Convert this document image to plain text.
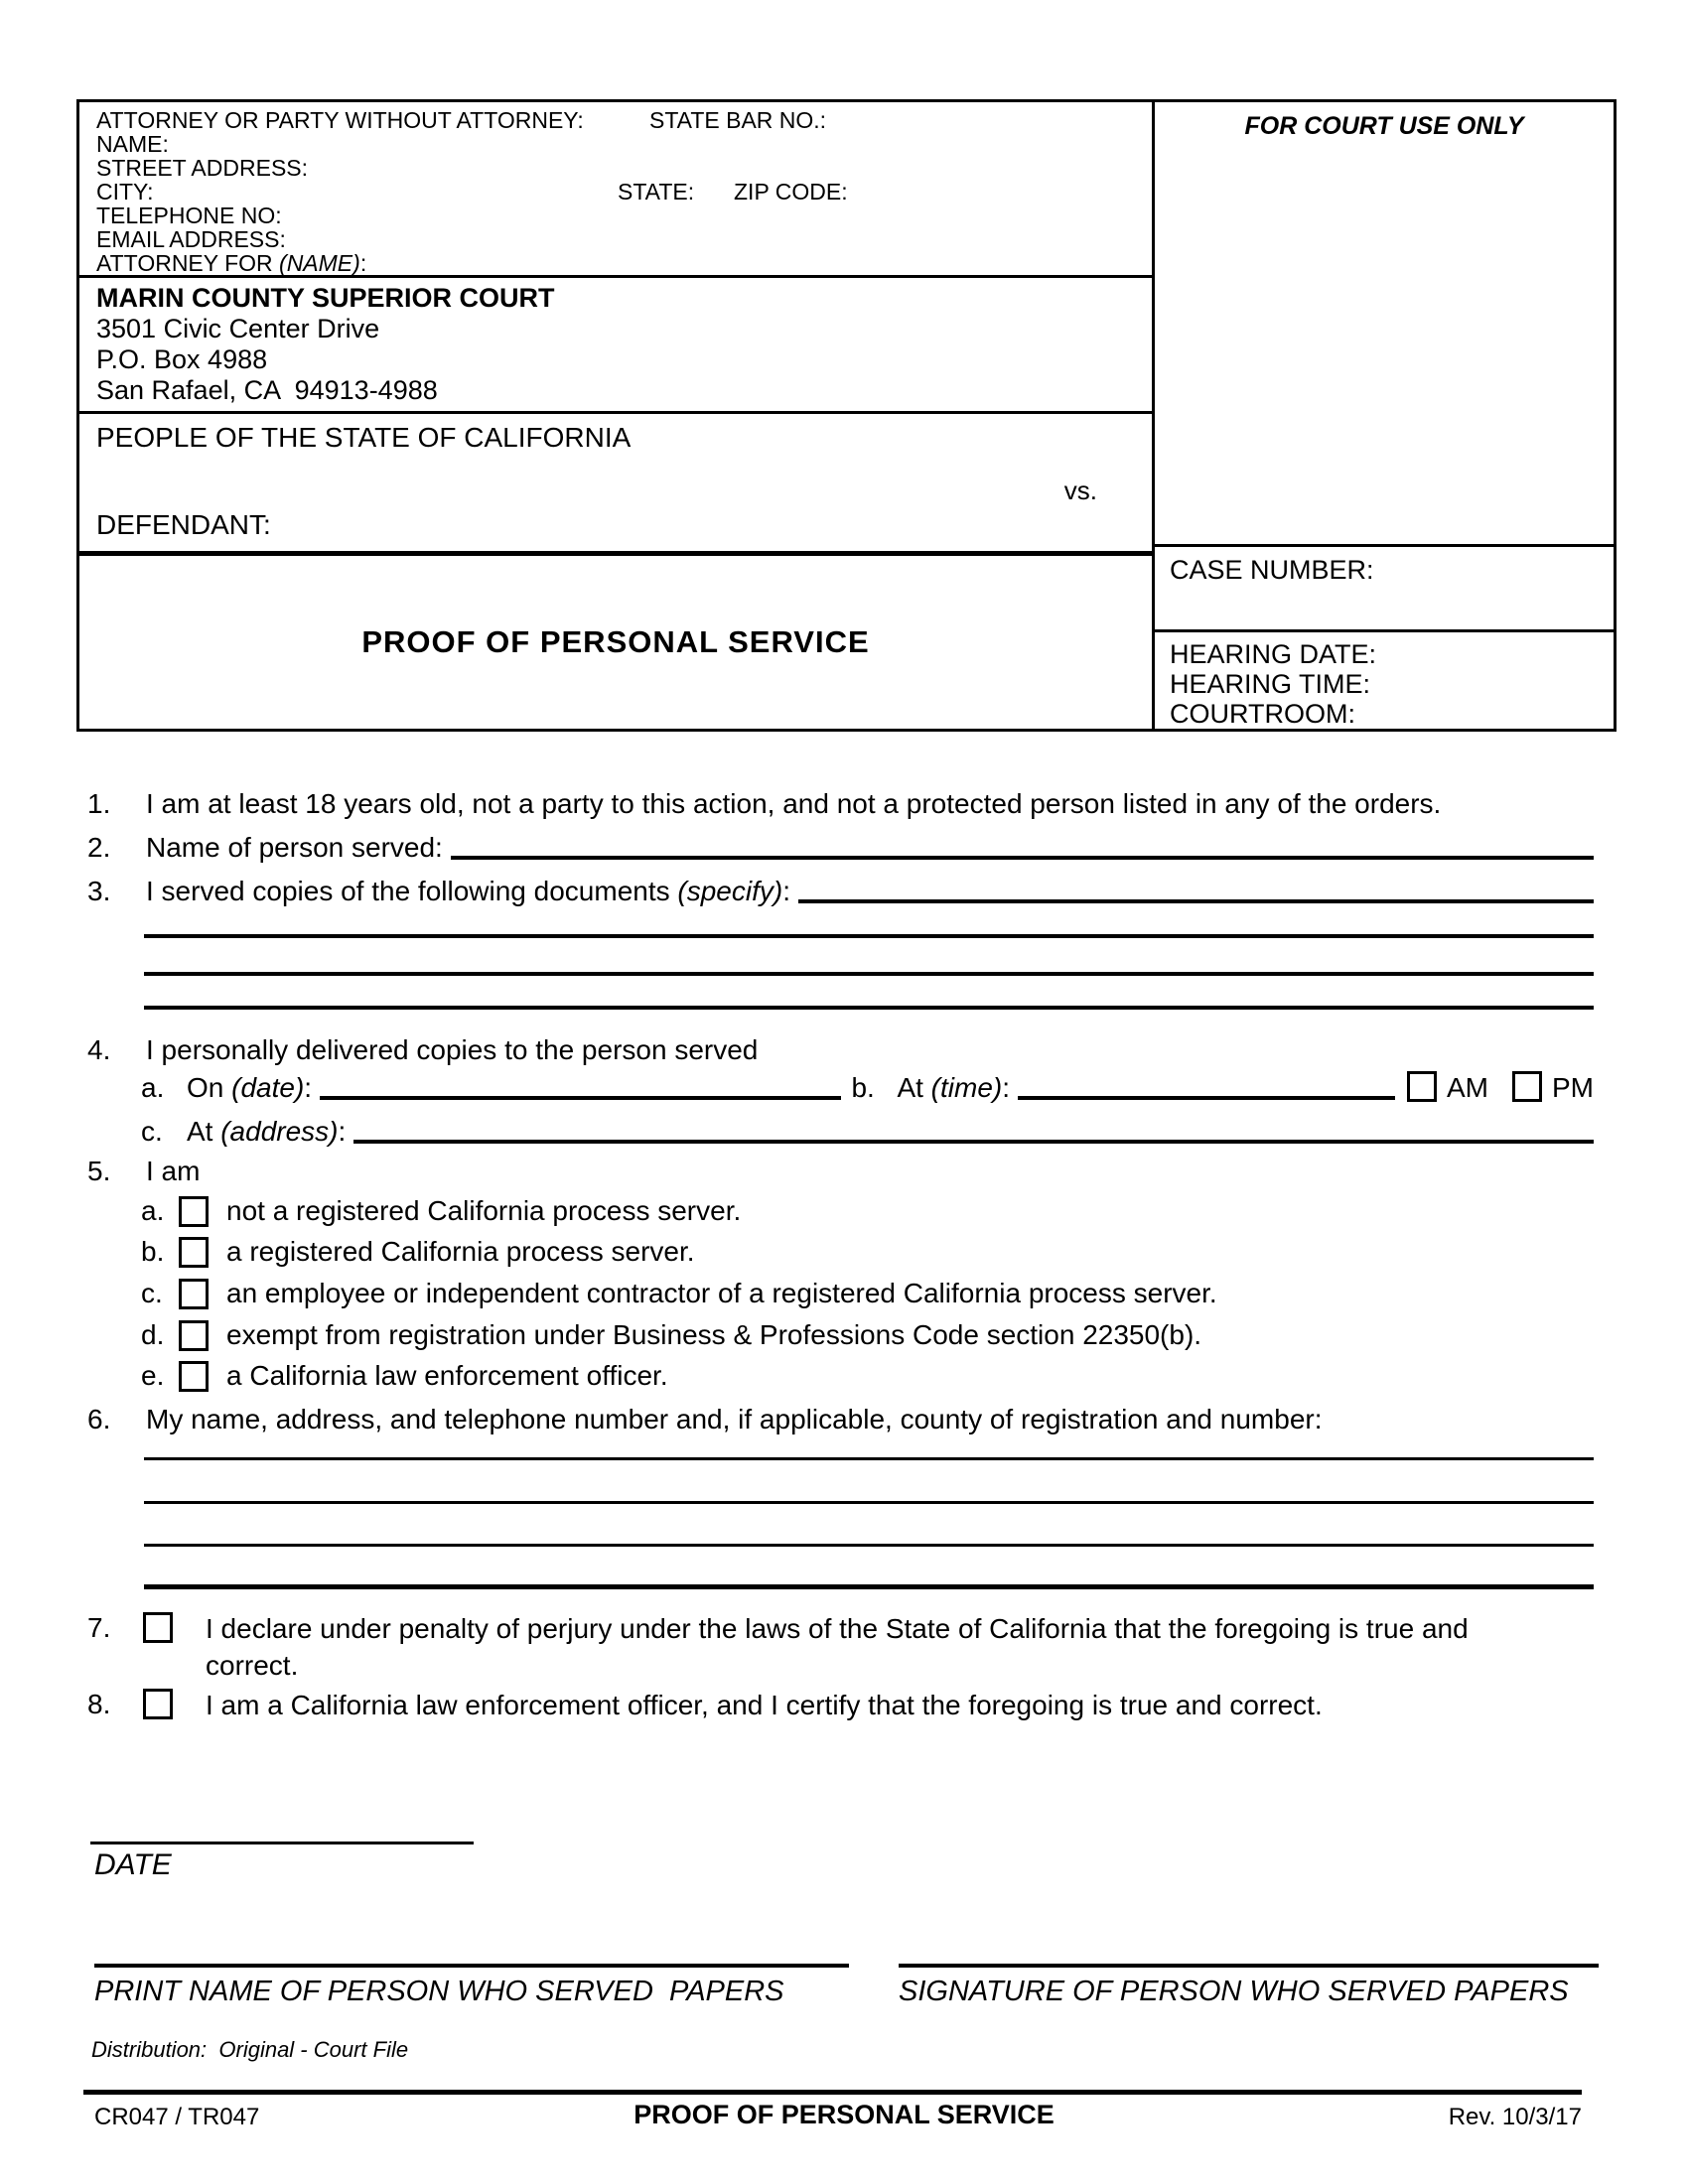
ATTORNEY OR PARTY WITHOUT ATTORNEY:	STATE BAR NO.:
NAME:
STREET ADDRESS:
CITY:	STATE: ZIP CODE:
TELEPHONE NO:
EMAIL ADDRESS:
ATTORNEY FOR (NAME):
MARIN COUNTY SUPERIOR COURT
3501 Civic Center Drive
P.O. Box 4988
San Rafael, CA  94913-4988
PEOPLE OF THE STATE OF CALIFORNIA
vs.
DEFENDANT:
PROOF OF PERSONAL SERVICE
FOR COURT USE ONLY
CASE NUMBER:
HEARING DATE:
HEARING TIME:
COURTROOM:
1.	I am at least 18 years old, not a party to this action, and not a protected person listed in any of the orders.
2.	Name of person served:
3.	I served copies of the following documents (specify):
4.	I personally delivered copies to the person served
a. On (date):	b. At (time):	AM PM
c. At (address):
5.	I am
a.	not a registered California process server.
b.	a registered California process server.
c.	an employee or independent contractor of a registered California process server.
d.	exempt from registration under Business & Professions Code section 22350(b).
e.	a California law enforcement officer.
6.	My name, address, and telephone number and, if applicable, county of registration and number:
7.	I declare under penalty of perjury under the laws of the State of California that the foregoing is true and
correct.
8.	I am a California law enforcement officer, and I certify that the foregoing is true and correct.
DATE
PRINT NAME OF PERSON WHO SERVED  PAPERS	SIGNATURE OF PERSON WHO SERVED PAPERS
Distribution:  Original - Court File
CR047 / TR047	PROOF OF PERSONAL SERVICE	Rev. 10/3/17
